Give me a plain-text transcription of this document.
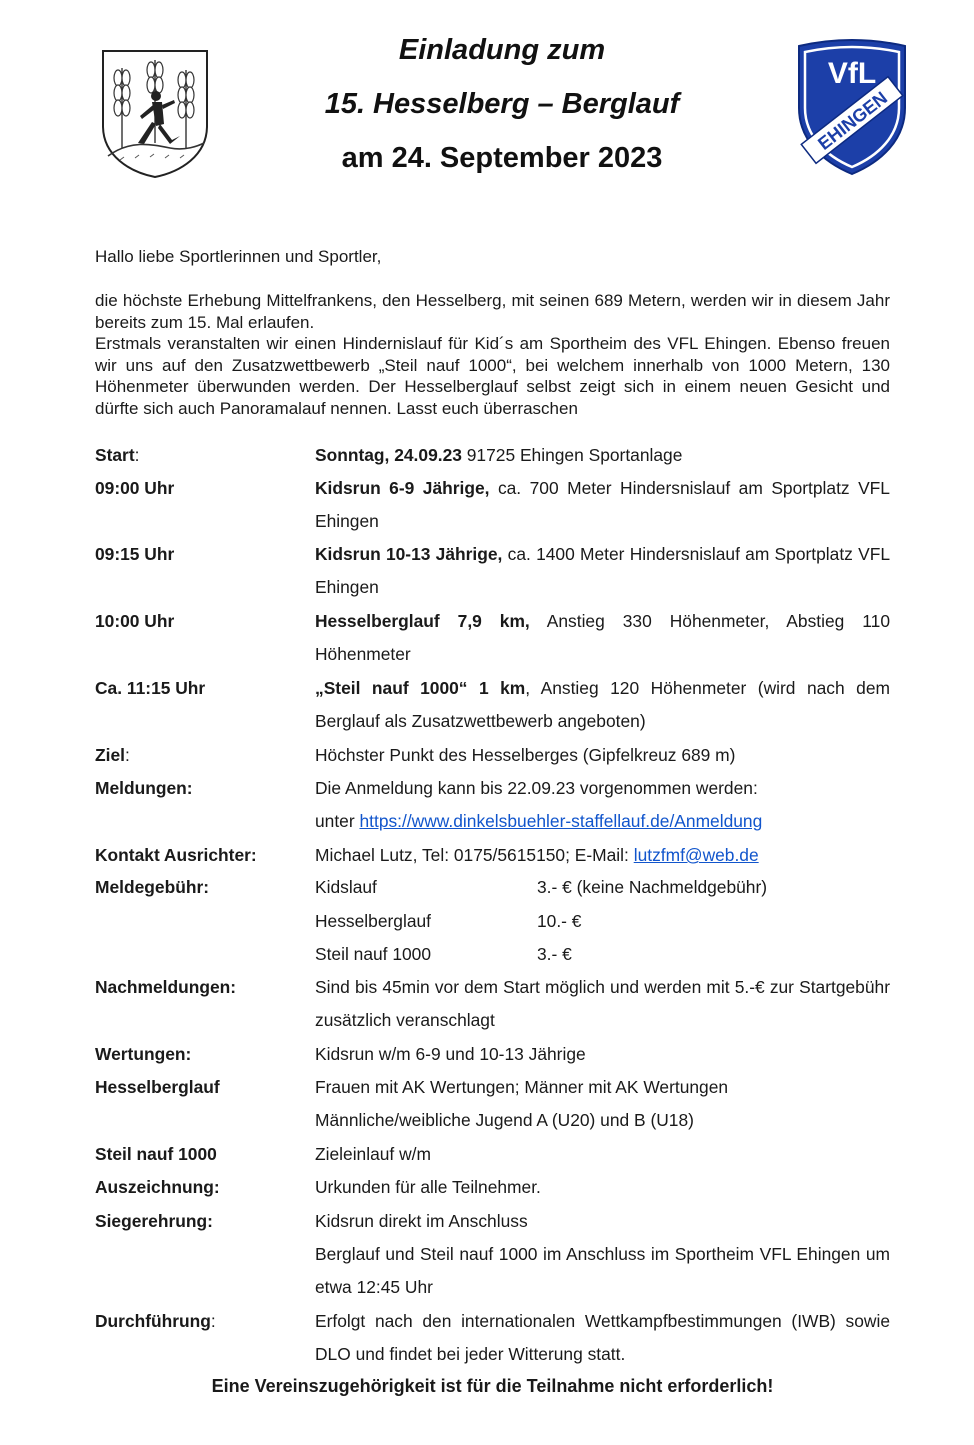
Einladung zum
15. Hesselberg – Berglauf
am 24. September 2023
VfL
EHINGEN

Hallo liebe Sportlerinnen und Sportler,

die höchste Erhebung Mittelfrankens, den Hesselberg, mit seinen 689 Metern, werden wir in diesem Jahr bereits zum 15. Mal erlaufen.

Erstmals veranstalten wir einen Hindernislauf für Kid´s am Sportheim des VFL Ehingen. Ebenso freuen wir uns auf den Zusatzwettbewerb „Steil nauf 1000“, bei welchem innerhalb von 1000 Metern, 130 Höhenmeter überwunden werden. Der Hesselberglauf selbst zeigt sich in einem neuen Gesicht und dürfte sich auch Panoramalauf nennen. Lasst euch überraschen

Start:	Sonntag, 24.09.23 91725 Ehingen Sportanlage
09:00 Uhr	Kidsrun 6-9 Jährige, ca. 700 Meter Hindersnislauf am Sportplatz VFL Ehingen
09:15 Uhr	Kidsrun 10-13 Jährige, ca. 1400 Meter Hindersnislauf am Sportplatz VFL Ehingen
10:00 Uhr	Hesselberglauf 7,9 km, Anstieg 330 Höhenmeter, Abstieg 110 Höhenmeter
Ca. 11:15 Uhr	„Steil nauf 1000“ 1 km, Anstieg 120 Höhenmeter (wird nach dem Berglauf als Zusatzwettbewerb angeboten)
Ziel:	Höchster Punkt des Hesselberges (Gipfelkreuz 689 m)
Meldungen:	Die Anmeldung kann bis 22.09.23 vorgenommen werden:
unter https://www.dinkelsbuehler-staffellauf.de/Anmeldung
Kontakt Ausrichter:	Michael Lutz, Tel: 0175/5615150; E-Mail: lutzfmf@web.de
Meldegebühr:	Kidslauf	3.- € (keine Nachmeldgebühr)
Hesselberglauf	10.- €
Steil nauf 1000	3.- €
Nachmeldungen:	Sind bis 45min vor dem Start möglich und werden mit 5.-€ zur Startgebühr zusätzlich veranschlagt
Wertungen:	Kidsrun w/m 6-9 und 10-13 Jährige
Hesselberglauf	Frauen mit AK Wertungen; Männer mit AK Wertungen
Männliche/weibliche Jugend A (U20) und B (U18)
Steil nauf 1000	Zieleinlauf w/m
Auszeichnung:	Urkunden für alle Teilnehmer.
Siegerehrung:	Kidsrun direkt im Anschluss
Berglauf und Steil nauf 1000 im Anschluss im Sportheim VFL Ehingen um etwa 12:45 Uhr
Durchführung:	Erfolgt nach den internationalen Wettkampfbestimmungen (IWB) sowie DLO und findet bei jeder Witterung statt.
Eine Vereinszugehörigkeit ist für die Teilnahme nicht erforderlich!
